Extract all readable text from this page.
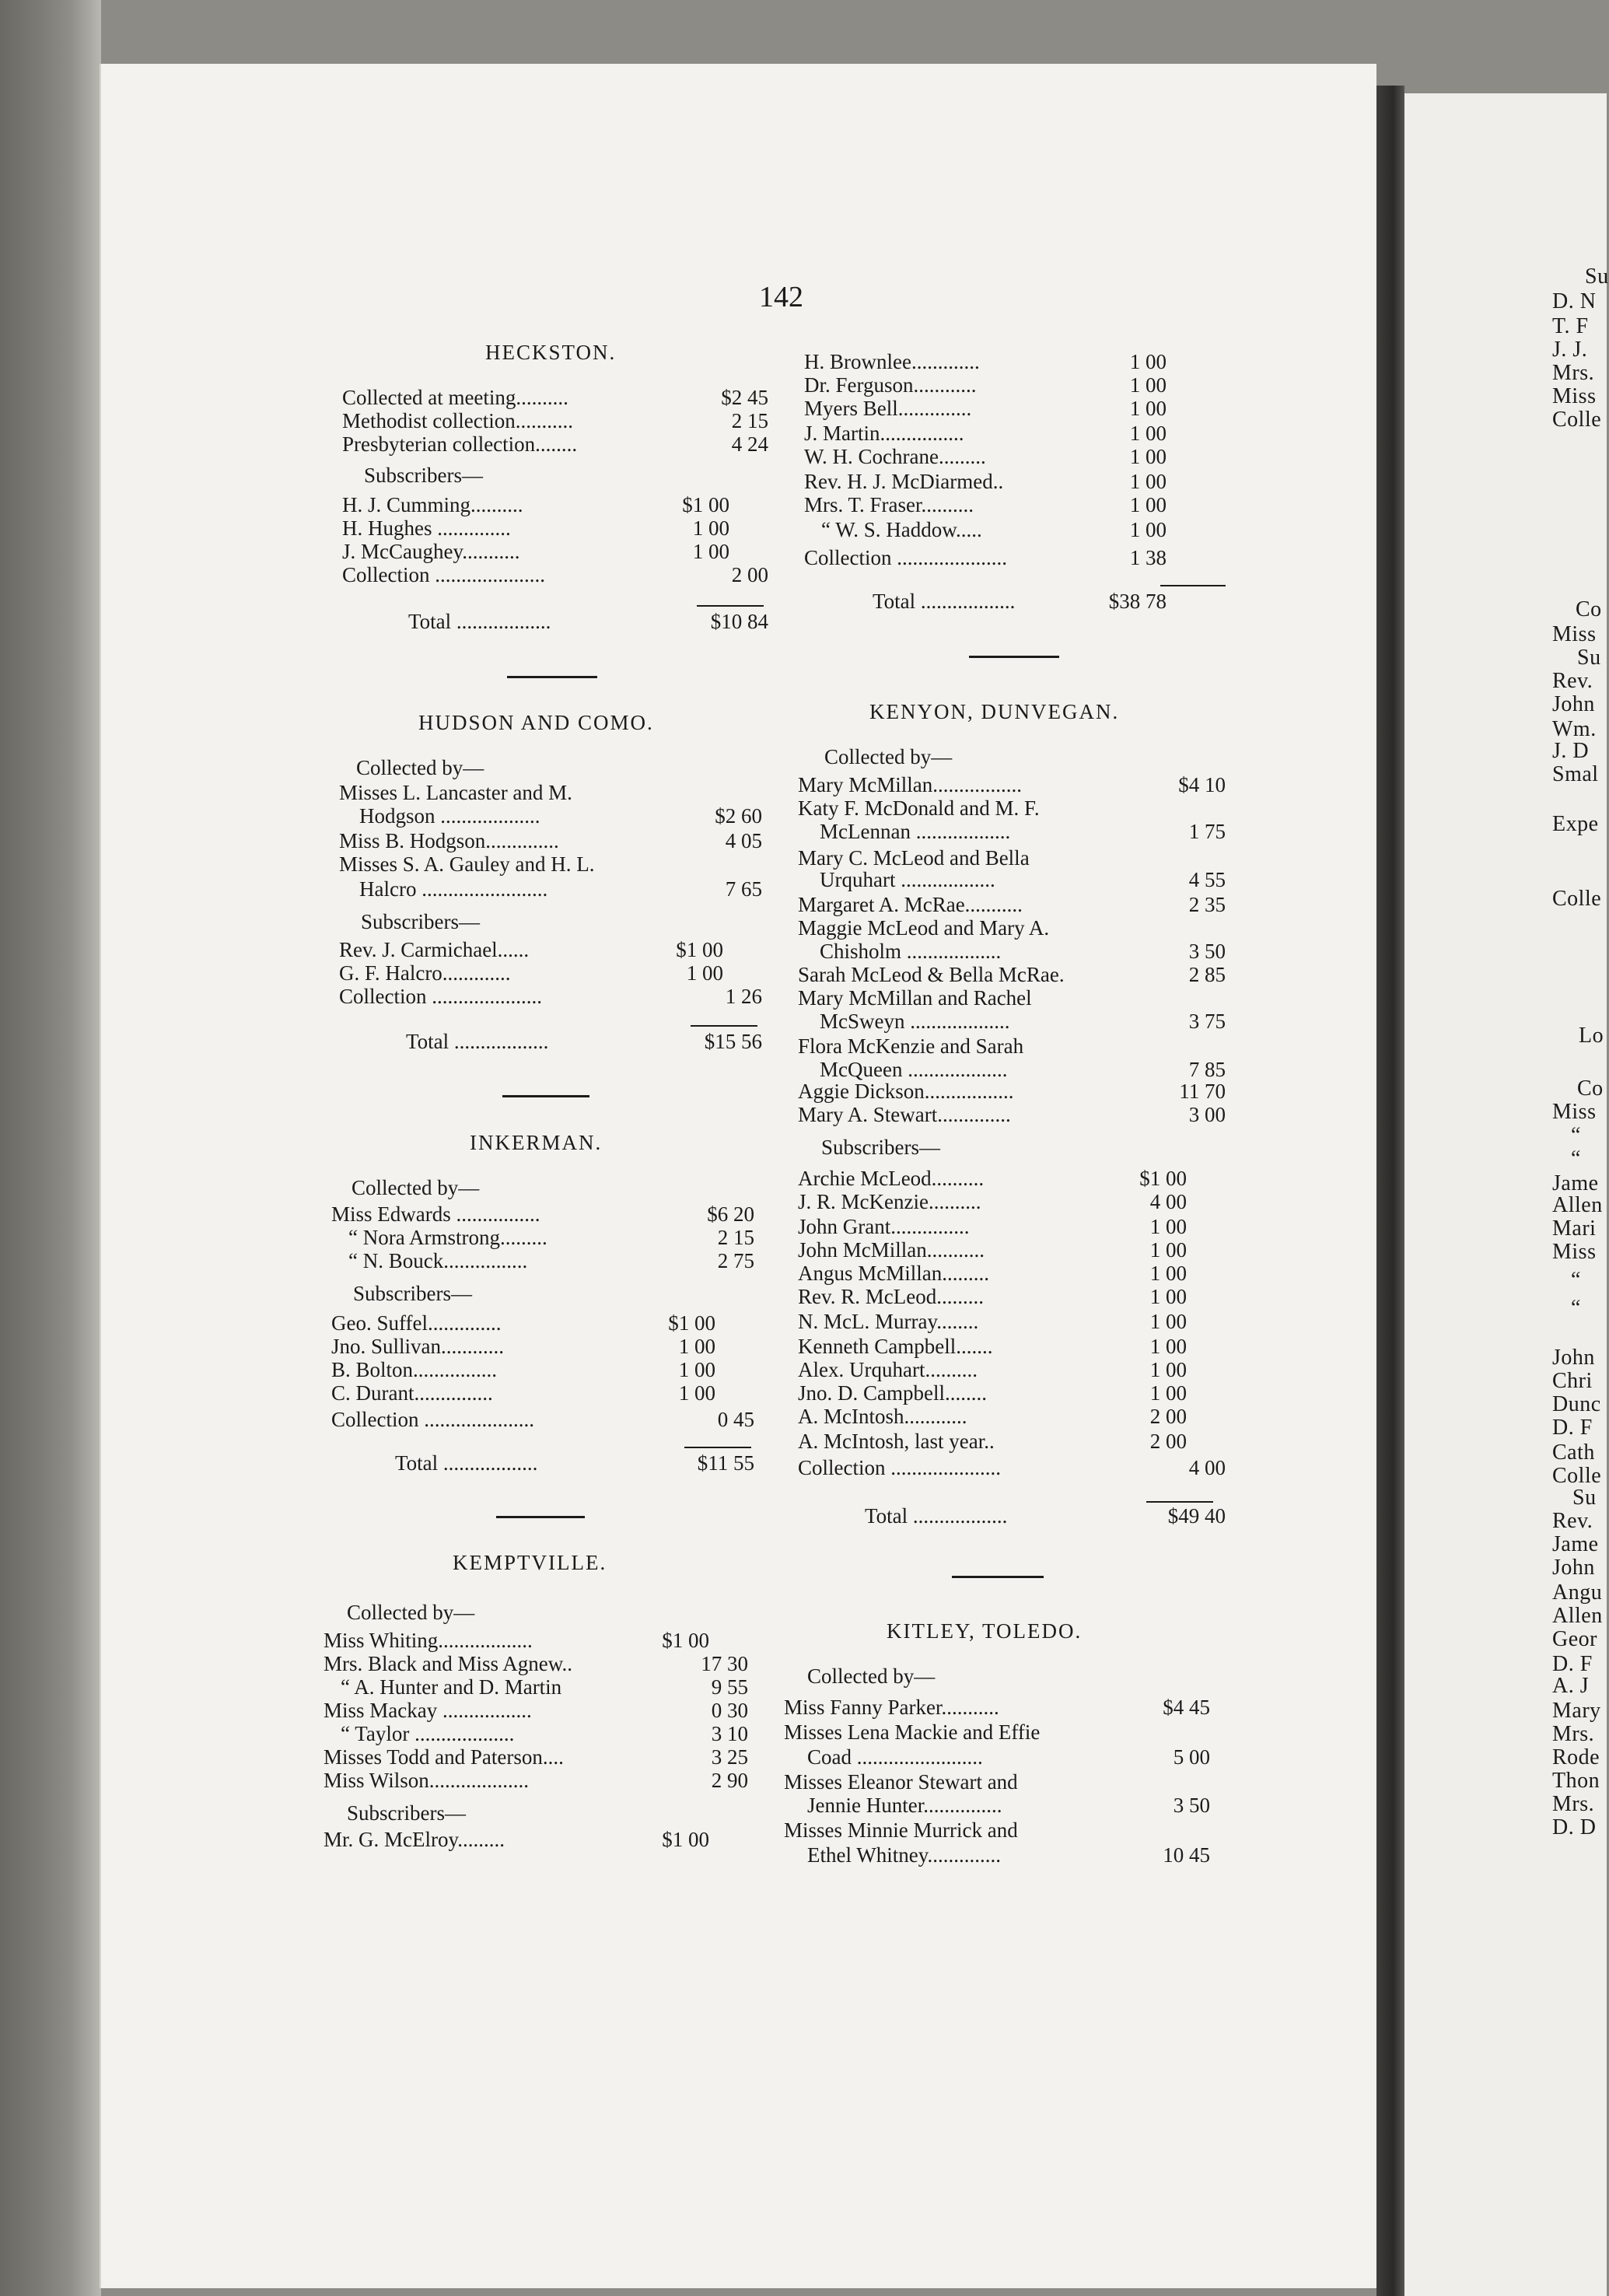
Su
D. N
T. F
J. J.
Mrs.
Miss
Colle
Co
Miss
Su
Rev.
John
Wm.
J. D
Smal
Expe
Colle
Lo
Co
Miss
“
“
Jame
Allen
Mari
Miss
“
“
John
Chri
Dunc
D. F
Cath
Colle
Su
Rev.
Jame
John
Angu
Allen
Geor
D. F
A. J
Mary
Mrs.
Rode
Thon
Mrs.
D. D
142
HECKSTON.
Collected at meeting..........	$2 45
Methodist collection...........	2 15
Presbyterian collection........	4 24
Subscribers—
H. J. Cumming..........	$1 00
H. Hughes ..............	1 00
J. McCaughey...........	1 00
Collection .....................	2 00
Total ..................	$10 84
HUDSON AND COMO.
Collected by—
Misses L. Lancaster and M.
Hodgson ...................	$2 60
Miss B. Hodgson..............	4 05
Misses S. A. Gauley and H. L.
Halcro ........................	7 65
Subscribers—
Rev. J. Carmichael......	$1 00
G. F. Halcro.............	1 00
Collection .....................	1 26
Total ..................	$15 56
INKERMAN.
Collected by—
Miss Edwards ................	$6 20
“ Nora Armstrong.........	2 15
“ N. Bouck................	2 75
Subscribers—
Geo. Suffel..............	$1 00
Jno. Sullivan............	1 00
B. Bolton................	1 00
C. Durant...............	1 00
Collection .....................	0 45
Total ..................	$11 55
KEMPTVILLE.
Collected by—
Miss Whiting..................	$1 00
Mrs. Black and Miss Agnew..	17 30
“ A. Hunter and D. Martin	9 55
Miss Mackay .................	0 30
“ Taylor ...................	3 10
Misses Todd and Paterson....	3 25
Miss Wilson...................	2 90
Subscribers—
Mr. G. McElroy.........	$1 00
H. Brownlee.............	1 00
Dr. Ferguson............	1 00
Myers Bell..............	1 00
J. Martin................	1 00
W. H. Cochrane.........	1 00
Rev. H. J. McDiarmed..	1 00
Mrs. T. Fraser..........	1 00
“ W. S. Haddow.....	1 00
Collection .....................	1 38
Total ..................	$38 78
KENYON, DUNVEGAN.
Collected by—
Mary McMillan.................	$4 10
Katy F. McDonald and M. F.
McLennan ..................	1 75
Mary C. McLeod and Bella
Urquhart ..................	4 55
Margaret A. McRae...........	2 35
Maggie McLeod and Mary A.
Chisholm ..................	3 50
Sarah McLeod & Bella McRae.	2 85
Mary McMillan and Rachel
McSweyn ...................	3 75
Flora McKenzie and Sarah
McQueen ...................	7 85
Aggie Dickson.................	11 70
Mary A. Stewart..............	3 00
Subscribers—
Archie McLeod..........	$1 00
J. R. McKenzie..........	4 00
John Grant...............	1 00
John McMillan...........	1 00
Angus McMillan.........	1 00
Rev. R. McLeod.........	1 00
N. McL. Murray........	1 00
Kenneth Campbell.......	1 00
Alex. Urquhart..........	1 00
Jno. D. Campbell........	1 00
A. McIntosh............	2 00
A. McIntosh, last year..	2 00
Collection .....................	4 00
Total ..................	$49 40
KITLEY, TOLEDO.
Collected by—
Miss Fanny Parker...........	$4 45
Misses Lena Mackie and Effie
Coad ........................	5 00
Misses Eleanor Stewart and
Jennie Hunter...............	3 50
Misses Minnie Murrick and
Ethel Whitney..............	10 45
